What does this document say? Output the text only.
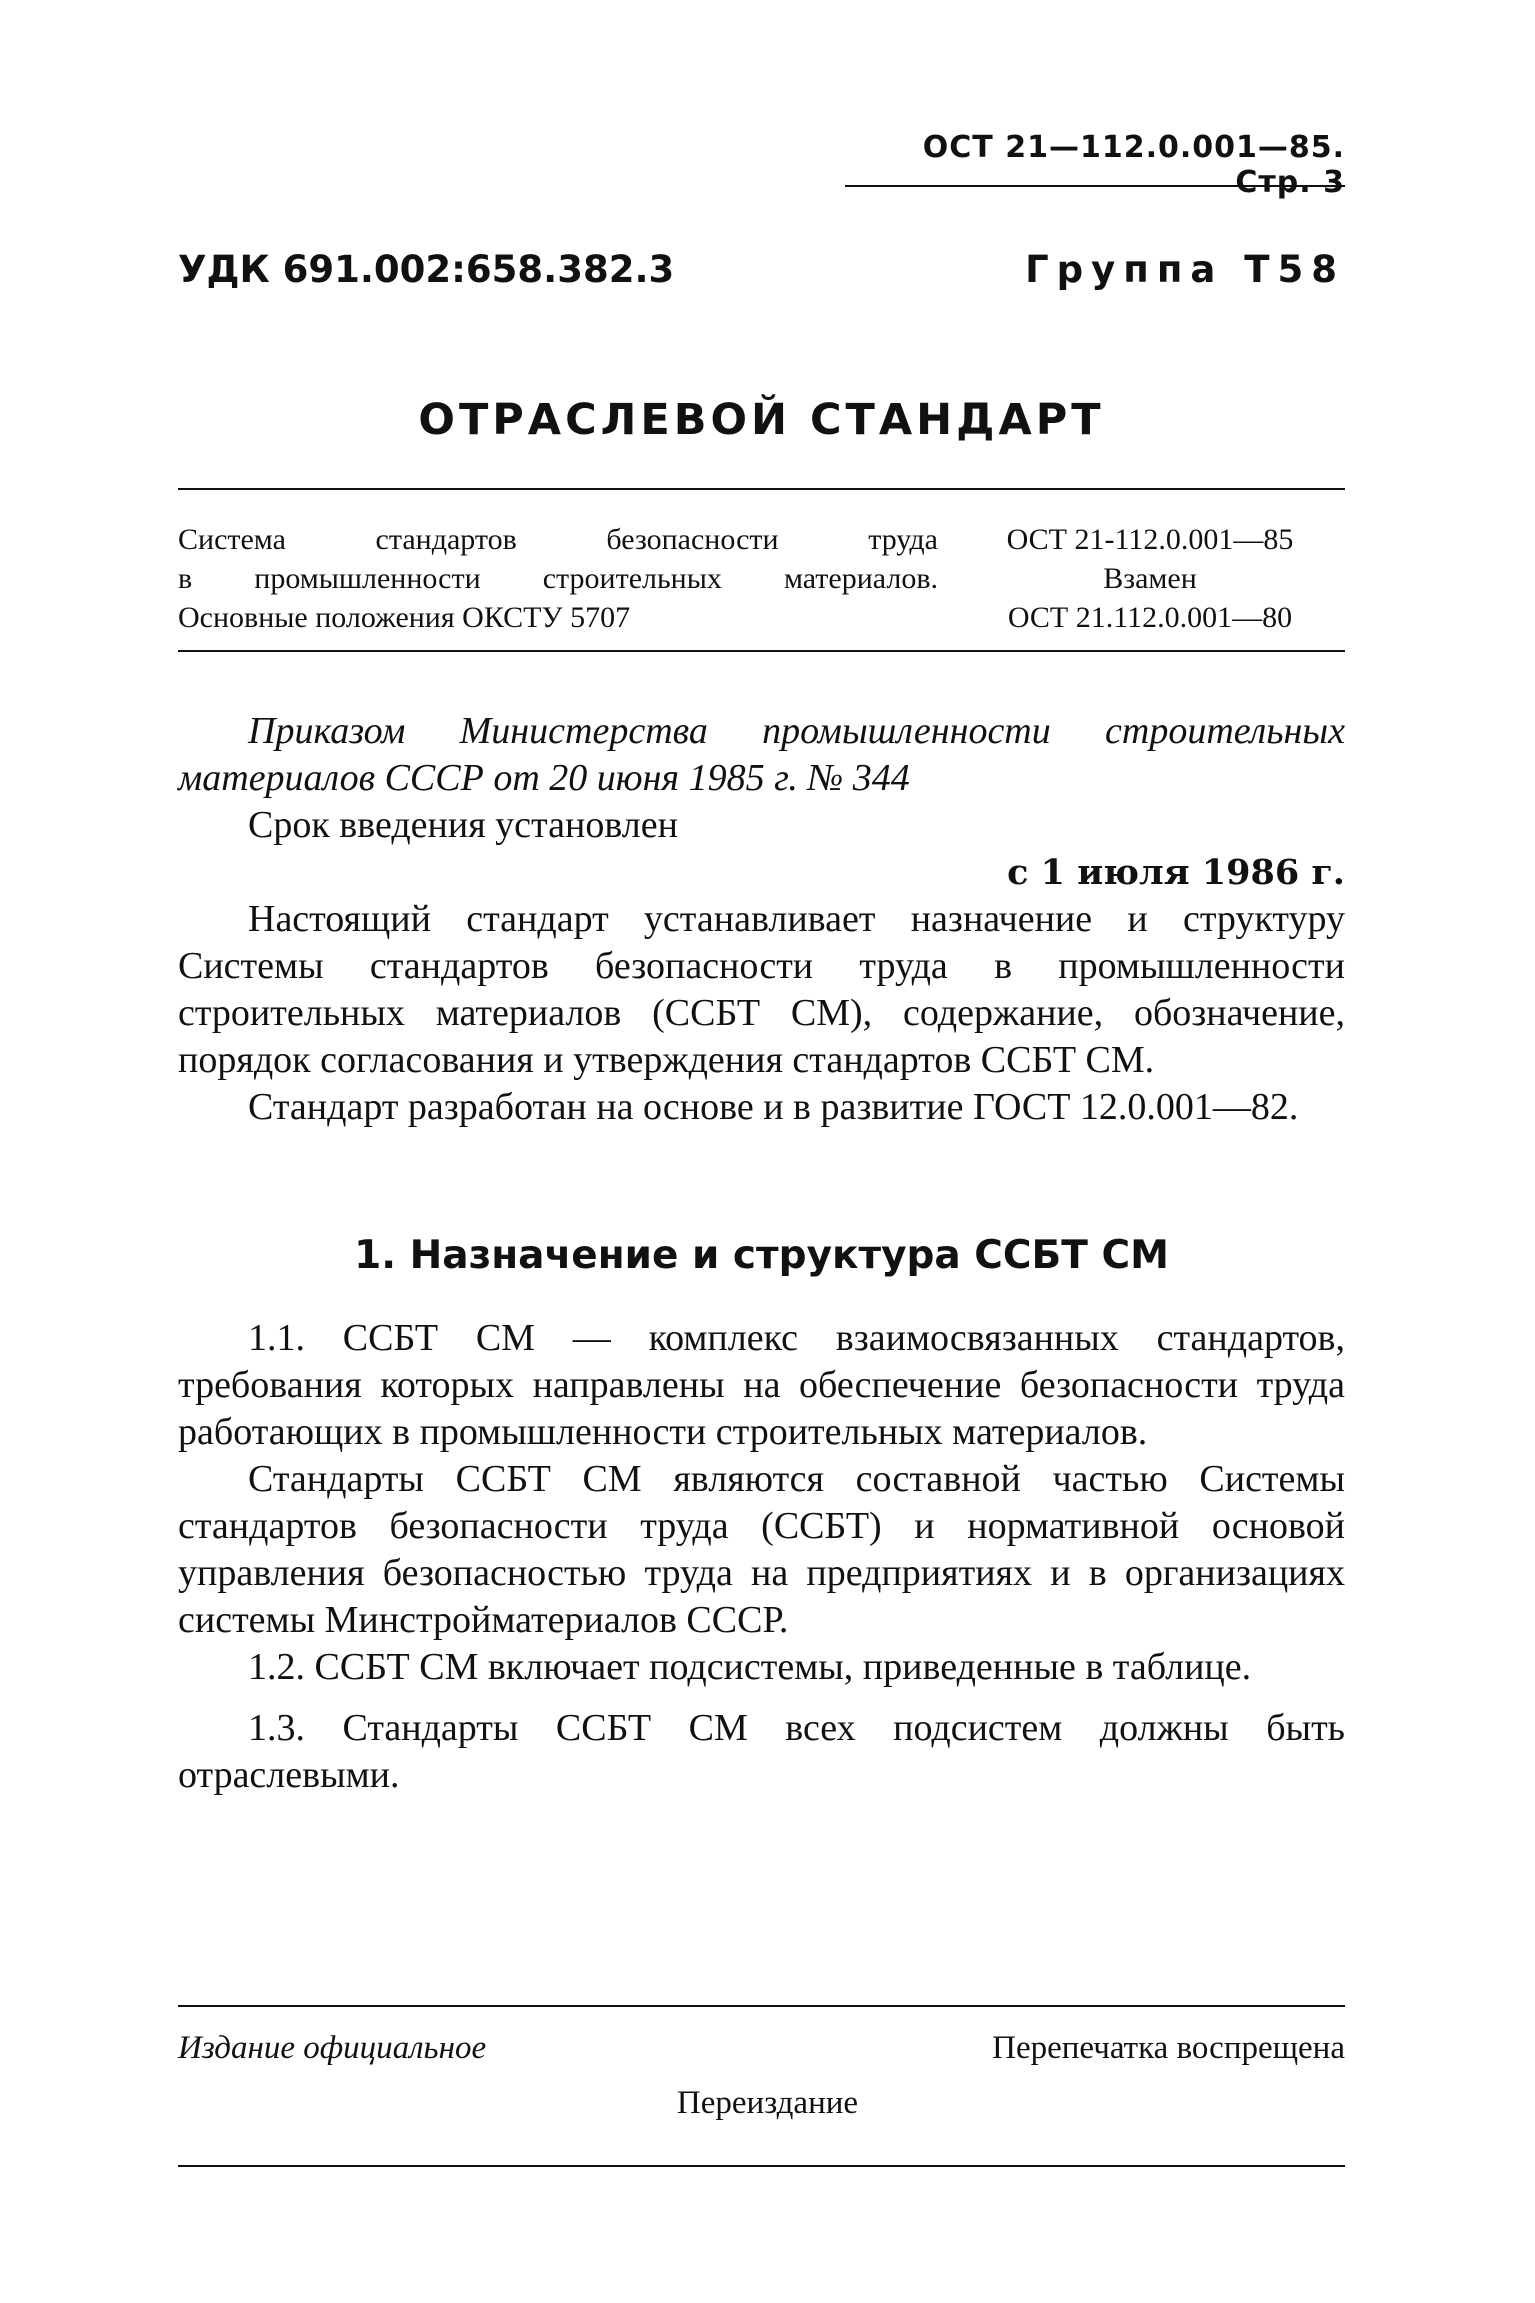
ОСТ 21—112.0.001—85. Стр. 3
УДК 691.002:658.382.3	Группа Т58
ОТРАСЛЕВОЙ СТАНДАРТ
Система стандартов безопасности труда
в промышленности строительных материалов.
Основные положения ОКСТУ 5707
ОСТ 21-112.0.001—85
Взамен
ОСТ 21.112.0.001—80

Приказом Министерства промышленности строительных материалов СССР от 20 июня 1985 г. № 344

Срок введения установлен

с 1 июля 1986 г.

Настоящий стандарт устанавливает назначение и структуру Системы стандартов безопасности труда в промышленности строительных материалов (ССБТ СМ), содержание, обозначение, порядок согласования и утверждения стандартов ССБТ СМ.

Стандарт разработан на основе и в развитие ГОСТ 12.0.001—82.

1. Назначение и структура ССБТ СМ

1.1. ССБТ СМ — комплекс взаимосвязанных стандартов, требования которых направлены на обеспечение безопасности труда работающих в промышленности строительных материалов.

Стандарты ССБТ СМ являются составной частью Системы стандартов безопасности труда (ССБТ) и нормативной основой управления безопасностью труда на предприятиях и в организациях системы Минстройматериалов СССР.

1.2. ССБТ СМ включает подсистемы, приведенные в таблице.

1.3. Стандарты ССБТ СМ всех подсистем должны быть отраслевыми.

Издание официальное	Перепечатка воспрещена
Переиздание
